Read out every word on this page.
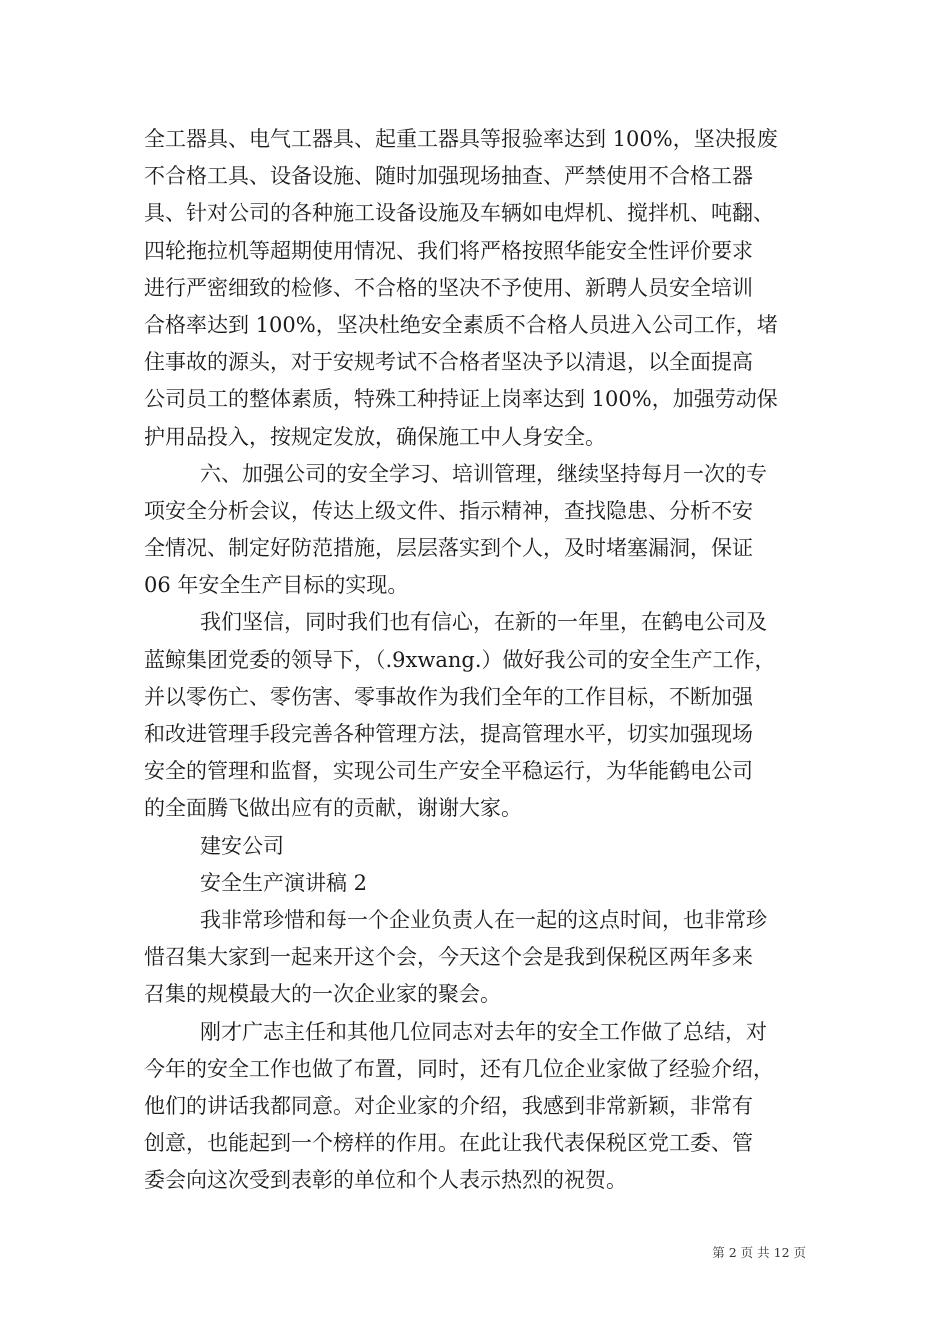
全工器具、电气工器具、起重工器具等报验率达到 100%，坚决报废
不合格工具、设备设施、随时加强现场抽查、严禁使用不合格工器
具、针对公司的各种施工设备设施及车辆如电焊机、搅拌机、吨翻、
四轮拖拉机等超期使用情况、我们将严格按照华能安全性评价要求
进行严密细致的检修、不合格的坚决不予使用、新聘人员安全培训
合格率达到 100%，坚决杜绝安全素质不合格人员进入公司工作，堵
住事故的源头，对于安规考试不合格者坚决予以清退，以全面提高
公司员工的整体素质，特殊工种持证上岗率达到 100%，加强劳动保
护用品投入，按规定发放，确保施工中人身安全。
六、加强公司的安全学习、培训管理，继续坚持每月一次的专
项安全分析会议，传达上级文件、指示精神，查找隐患、分析不安
全情况、制定好防范措施，层层落实到个人，及时堵塞漏洞，保证
06 年安全生产目标的实现。
我们坚信，同时我们也有信心，在新的一年里，在鹤电公司及
蓝鲸集团党委的领导下，（.9xwang.）做好我公司的安全生产工作，
并以零伤亡、零伤害、零事故作为我们全年的工作目标，不断加强
和改进管理手段完善各种管理方法，提高管理水平，切实加强现场
安全的管理和监督，实现公司生产安全平稳运行，为华能鹤电公司
的全面腾飞做出应有的贡献，谢谢大家。
建安公司
安全生产演讲稿 2
我非常珍惜和每一个企业负责人在一起的这点时间，也非常珍
惜召集大家到一起来开这个会，今天这个会是我到保税区两年多来
召集的规模最大的一次企业家的聚会。
刚才广志主任和其他几位同志对去年的安全工作做了总结，对
今年的安全工作也做了布置，同时，还有几位企业家做了经验介绍，
他们的讲话我都同意。对企业家的介绍，我感到非常新颖，非常有
创意，也能起到一个榜样的作用。在此让我代表保税区党工委、管
委会向这次受到表彰的单位和个人表示热烈的祝贺。
第 2 页 共 12 页
